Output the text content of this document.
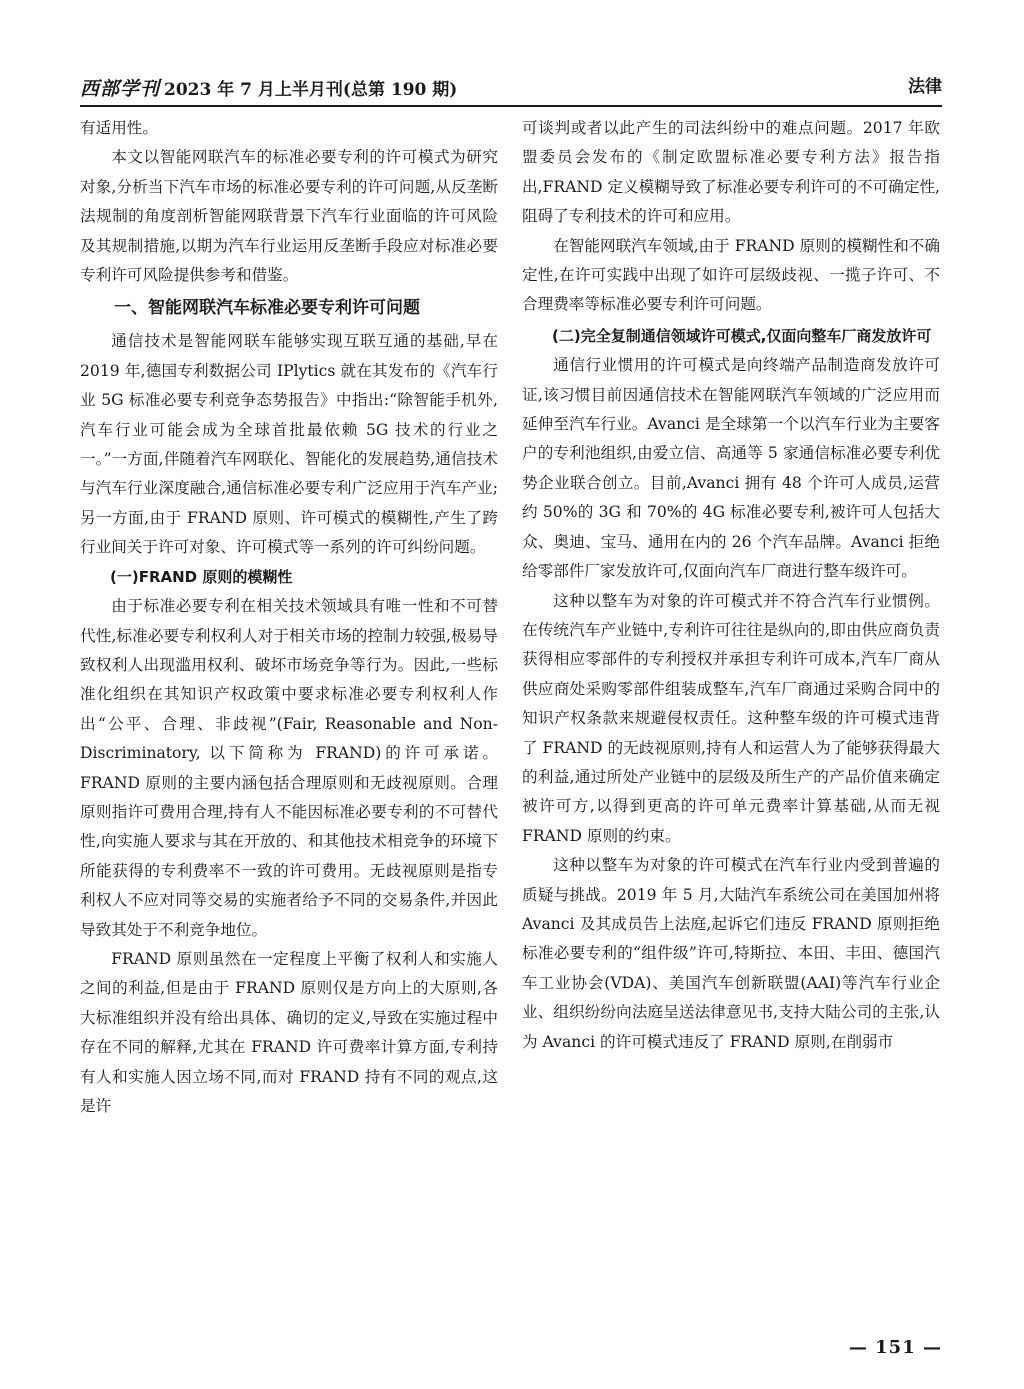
西部学刊 2023 年 7 月上半月刊(总第 190 期)	法律

有适用性。

本文以智能网联汽车的标准必要专利的许可模式为研究对象,分析当下汽车市场的标准必要专利的许可问题,从反垄断法规制的角度剖析智能网联背景下汽车行业面临的许可风险及其规制措施,以期为汽车行业运用反垄断手段应对标准必要专利许可风险提供参考和借鉴。

一、智能网联汽车标准必要专利许可问题

通信技术是智能网联车能够实现互联互通的基础,早在 2019 年,德国专利数据公司 IPlytics 就在其发布的《汽车行业 5G 标准必要专利竞争态势报告》中指出:“除智能手机外,汽车行业可能会成为全球首批最依赖 5G 技术的行业之一。”一方面,伴随着汽车网联化、智能化的发展趋势,通信技术与汽车行业深度融合,通信标准必要专利广泛应用于汽车产业;另一方面,由于 FRAND 原则、许可模式的模糊性,产生了跨行业间关于许可对象、许可模式等一系列的许可纠纷问题。

(一)FRAND 原则的模糊性

由于标准必要专利在相关技术领域具有唯一性和不可替代性,标准必要专利权利人对于相关市场的控制力较强,极易导致权利人出现滥用权利、破坏市场竞争等行为。因此,一些标准化组织在其知识产权政策中要求标准必要专利权利人作出“公平、合理、非歧视”(Fair, Reasonable and Non-Discriminatory, 以下简称为 FRAND)的许可承诺。FRAND 原则的主要内涵包括合理原则和无歧视原则。合理原则指许可费用合理,持有人不能因标准必要专利的不可替代性,向实施人要求与其在开放的、和其他技术相竞争的环境下所能获得的专利费率不一致的许可费用。无歧视原则是指专利权人不应对同等交易的实施者给予不同的交易条件,并因此导致其处于不利竞争地位。

FRAND 原则虽然在一定程度上平衡了权利人和实施人之间的利益,但是由于 FRAND 原则仅是方向上的大原则,各大标准组织并没有给出具体、确切的定义,导致在实施过程中存在不同的解释,尤其在 FRAND 许可费率计算方面,专利持有人和实施人因立场不同,而对 FRAND 持有不同的观点,这是许

可谈判或者以此产生的司法纠纷中的难点问题。2017 年欧盟委员会发布的《制定欧盟标准必要专利方法》报告指出,FRAND 定义模糊导致了标准必要专利许可的不可确定性,阻碍了专利技术的许可和应用。

在智能网联汽车领域,由于 FRAND 原则的模糊性和不确定性,在许可实践中出现了如许可层级歧视、一揽子许可、不合理费率等标准必要专利许可问题。

(二)完全复制通信领域许可模式,仅面向整车厂商发放许可

通信行业惯用的许可模式是向终端产品制造商发放许可证,该习惯目前因通信技术在智能网联汽车领域的广泛应用而延伸至汽车行业。Avanci 是全球第一个以汽车行业为主要客户的专利池组织,由爱立信、高通等 5 家通信标准必要专利优势企业联合创立。目前,Avanci 拥有 48 个许可人成员,运营约 50%的 3G 和 70%的 4G 标准必要专利,被许可人包括大众、奥迪、宝马、通用在内的 26 个汽车品牌。Avanci 拒绝给零部件厂家发放许可,仅面向汽车厂商进行整车级许可。

这种以整车为对象的许可模式并不符合汽车行业惯例。在传统汽车产业链中,专利许可往往是纵向的,即由供应商负责获得相应零部件的专利授权并承担专利许可成本,汽车厂商从供应商处采购零部件组装成整车,汽车厂商通过采购合同中的知识产权条款来规避侵权责任。这种整车级的许可模式违背了 FRAND 的无歧视原则,持有人和运营人为了能够获得最大的利益,通过所处产业链中的层级及所生产的产品价值来确定被许可方,以得到更高的许可单元费率计算基础,从而无视 FRAND 原则的约束。

这种以整车为对象的许可模式在汽车行业内受到普遍的质疑与挑战。2019 年 5 月,大陆汽车系统公司在美国加州将 Avanci 及其成员告上法庭,起诉它们违反 FRAND 原则拒绝标准必要专利的“组件级”许可,特斯拉、本田、丰田、德国汽车工业协会(VDA)、美国汽车创新联盟(AAI)等汽车行业企业、组织纷纷向法庭呈送法律意见书,支持大陆公司的主张,认为 Avanci 的许可模式违反了 FRAND 原则,在削弱市

— 151 —
